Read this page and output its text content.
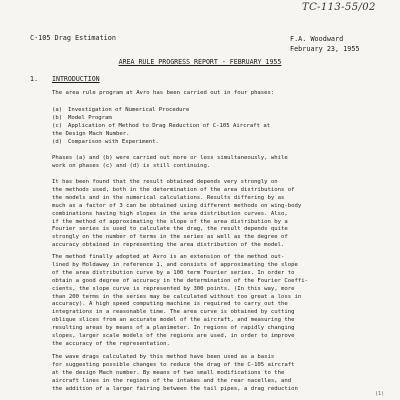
TC-113-55/02
C-105 Drag Estimation	F.A. Woodward
February 23, 1955
AREA RULE PROGRESS REPORT - FEBRUARY 1955
1. INTRODUCTION

The area rule program at Avro has been carried out in four phases:

(a) Investigation of Numerical Procedure
(b) Model Program
(c) Application of Method to Drag Reduction of C-105 Aircraft at
the Design Mach Number.
(d) Comparison with Experiment.

Phases (a) and (b) were carried out more or less simultaneously, while

work on phases (c) and (d) is still continuing.

It has been found that the result obtained depends very strongly on

the methods used, both in the determination of the area distributions of

the models and in the numerical calculations. Results differing by as

much as a factor of 3 can be obtained using different methods on wing-body

combinations having high slopes in the area distribution curves. Also,

if the method of approximating the slope of the area distribution by a

Fourier series is used to calculate the drag, the result depends quite

strongly on the number of terms in the series as well as the degree of

accuracy obtained in representing the area distribution of the model.

The method finally adopted at Avro is an extension of the method out-

lined by Holdaway in reference 1, and consists of approximating the slope

of the area distribution curve by a 100 term Fourier series. In order to

obtain a good degree of accuracy in the determination of the Fourier Coeffi-

cients, the slope curve is represented by 300 points. (In this way, more

than 200 terms in the series may be calculated without too great a loss in

accuracy). A high speed computing machine is required to carry out the

integrations in a reasonable time. The area curve is obtained by cutting

oblique slices from an accurate model of the aircraft, and measuring the

resulting areas by means of a planimeter. In regions of rapidly changing

slopes, larger scale models of the regions are used, in order to improve

the accuracy of the representation.

The wave drags calculated by this method have been used as a basis

for suggesting possible changes to reduce the drag of the C-105 aircraft

at the design Mach number. By means of two small modifications to the

aircraft lines in the regions of the intakes and the rear nacelles, and

the addition of a larger fairing between the tail pipes, a drag reduction

(1)
